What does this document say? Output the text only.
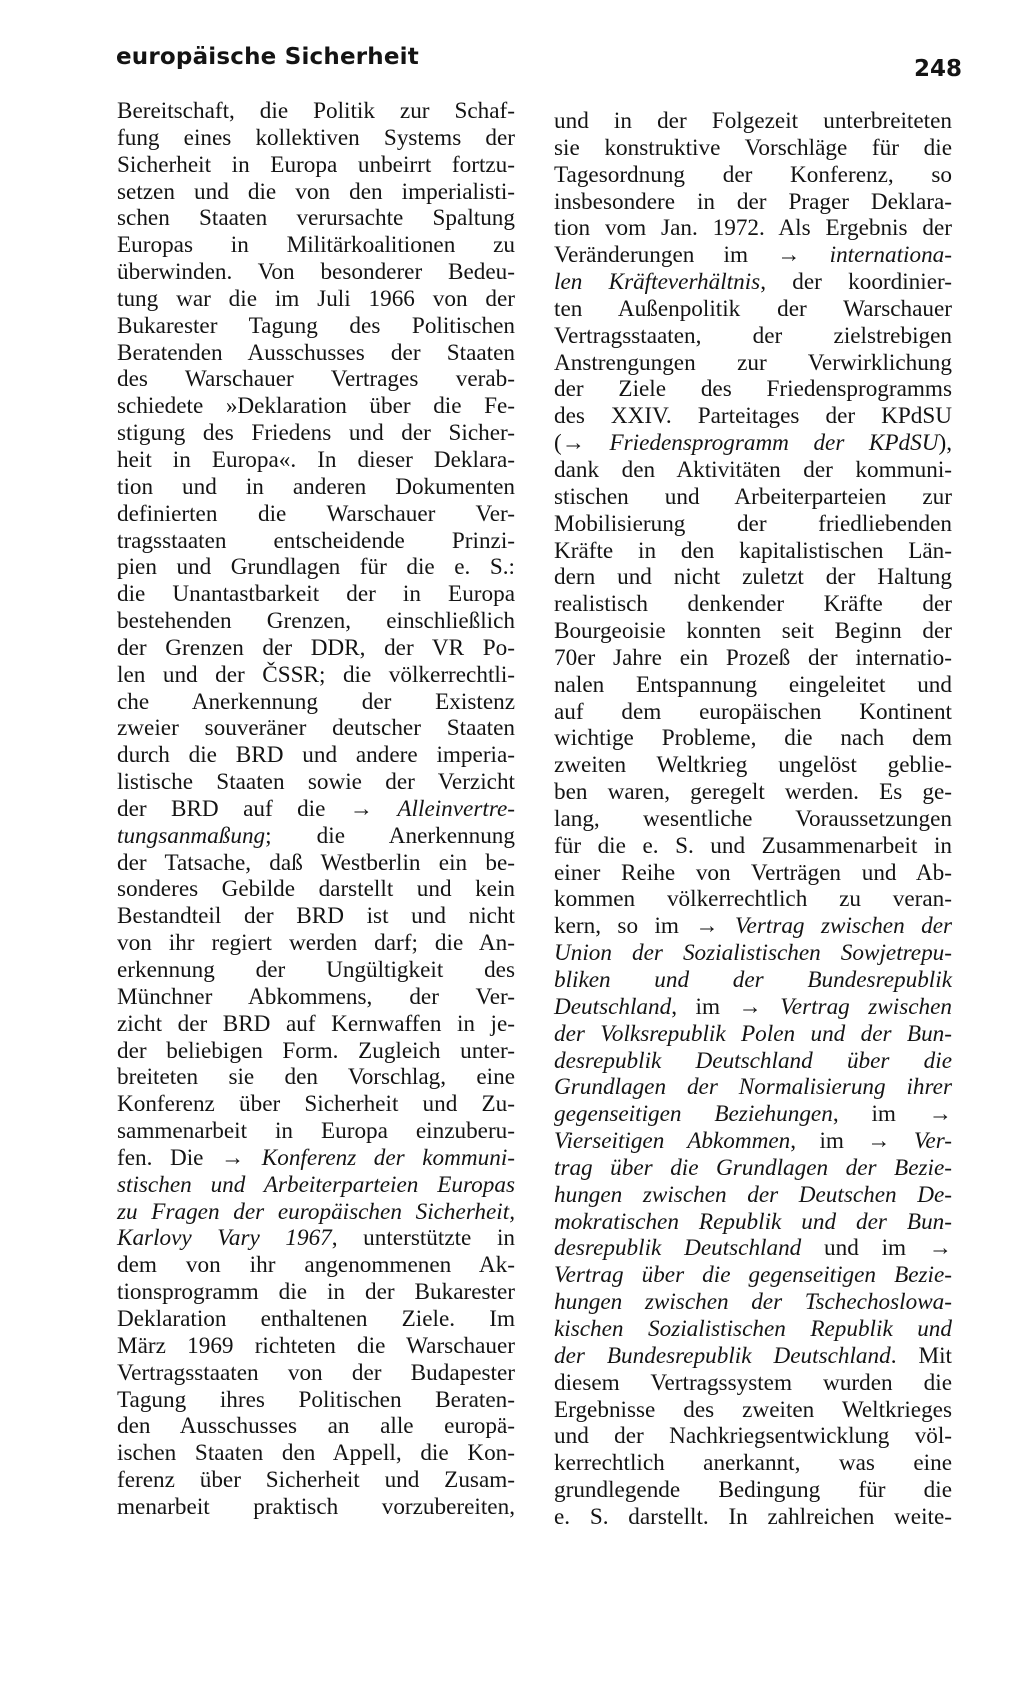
europäische Sicherheit	248
Bereitschaft, die Politik zur Schaf-
fung eines kollektiven Systems der
Sicherheit in Europa unbeirrt fortzu-
setzen und die von den imperialisti-
schen Staaten verursachte Spaltung
Europas in Militärkoalitionen zu
überwinden. Von besonderer Bedeu-
tung war die im Juli 1966 von der
Bukarester Tagung des Politischen
Beratenden Ausschusses der Staaten
des Warschauer Vertrages verab-
schiedete »Deklaration über die Fe-
stigung des Friedens und der Sicher-
heit in Europa«. In dieser Deklara-
tion und in anderen Dokumenten
definierten die Warschauer Ver-
tragsstaaten entscheidende Prinzi-
pien und Grundlagen für die e. S.:
die Unantastbarkeit der in Europa
bestehenden Grenzen, einschließlich
der Grenzen der DDR, der VR Po-
len und der ČSSR; die völkerrechtli-
che Anerkennung der Existenz
zweier souveräner deutscher Staaten
durch die BRD und andere imperia-
listische Staaten sowie der Verzicht
der BRD auf die → Alleinvertre-
tungsanmaßung; die Anerkennung
der Tatsache, daß Westberlin ein be-
sonderes Gebilde darstellt und kein
Bestandteil der BRD ist und nicht
von ihr regiert werden darf; die An-
erkennung der Ungültigkeit des
Münchner Abkommens, der Ver-
zicht der BRD auf Kernwaffen in je-
der beliebigen Form. Zugleich unter-
breiteten sie den Vorschlag, eine
Konferenz über Sicherheit und Zu-
sammenarbeit in Europa einzuberu-
fen. Die → Konferenz der kommuni-
stischen und Arbeiterparteien Europas
zu Fragen der europäischen Sicherheit,
Karlovy Vary 1967, unterstützte in
dem von ihr angenommenen Ak-
tionsprogramm die in der Bukarester
Deklaration enthaltenen Ziele. Im
März 1969 richteten die Warschauer
Vertragsstaaten von der Budapester
Tagung ihres Politischen Beraten-
den Ausschusses an alle europä-
ischen Staaten den Appell, die Kon-
ferenz über Sicherheit und Zusam-
menarbeit praktisch vorzubereiten,
und in der Folgezeit unterbreiteten
sie konstruktive Vorschläge für die
Tagesordnung der Konferenz, so
insbesondere in der Prager Deklara-
tion vom Jan. 1972. Als Ergebnis der
Veränderungen im → internationa-
len Kräfteverhältnis, der koordinier-
ten Außenpolitik der Warschauer
Vertragsstaaten, der zielstrebigen
Anstrengungen zur Verwirklichung
der Ziele des Friedensprogramms
des XXIV. Parteitages der KPdSU
(→ Friedensprogramm der KPdSU),
dank den Aktivitäten der kommuni-
stischen und Arbeiterparteien zur
Mobilisierung der friedliebenden
Kräfte in den kapitalistischen Län-
dern und nicht zuletzt der Haltung
realistisch denkender Kräfte der
Bourgeoisie konnten seit Beginn der
70er Jahre ein Prozeß der internatio-
nalen Entspannung eingeleitet und
auf dem europäischen Kontinent
wichtige Probleme, die nach dem
zweiten Weltkrieg ungelöst geblie-
ben waren, geregelt werden. Es ge-
lang, wesentliche Voraussetzungen
für die e. S. und Zusammenarbeit in
einer Reihe von Verträgen und Ab-
kommen völkerrechtlich zu veran-
kern, so im → Vertrag zwischen der
Union der Sozialistischen Sowjetrepu-
bliken und der Bundesrepublik
Deutschland, im → Vertrag zwischen
der Volksrepublik Polen und der Bun-
desrepublik Deutschland über die
Grundlagen der Normalisierung ihrer
gegenseitigen Beziehungen, im →
Vierseitigen Abkommen, im → Ver-
trag über die Grundlagen der Bezie-
hungen zwischen der Deutschen De-
mokratischen Republik und der Bun-
desrepublik Deutschland und im →
Vertrag über die gegenseitigen Bezie-
hungen zwischen der Tschechoslowa-
kischen Sozialistischen Republik und
der Bundesrepublik Deutschland. Mit
diesem Vertragssystem wurden die
Ergebnisse des zweiten Weltkrieges
und der Nachkriegsentwicklung völ-
kerrechtlich anerkannt, was eine
grundlegende Bedingung für die
e. S. darstellt. In zahlreichen weite-
